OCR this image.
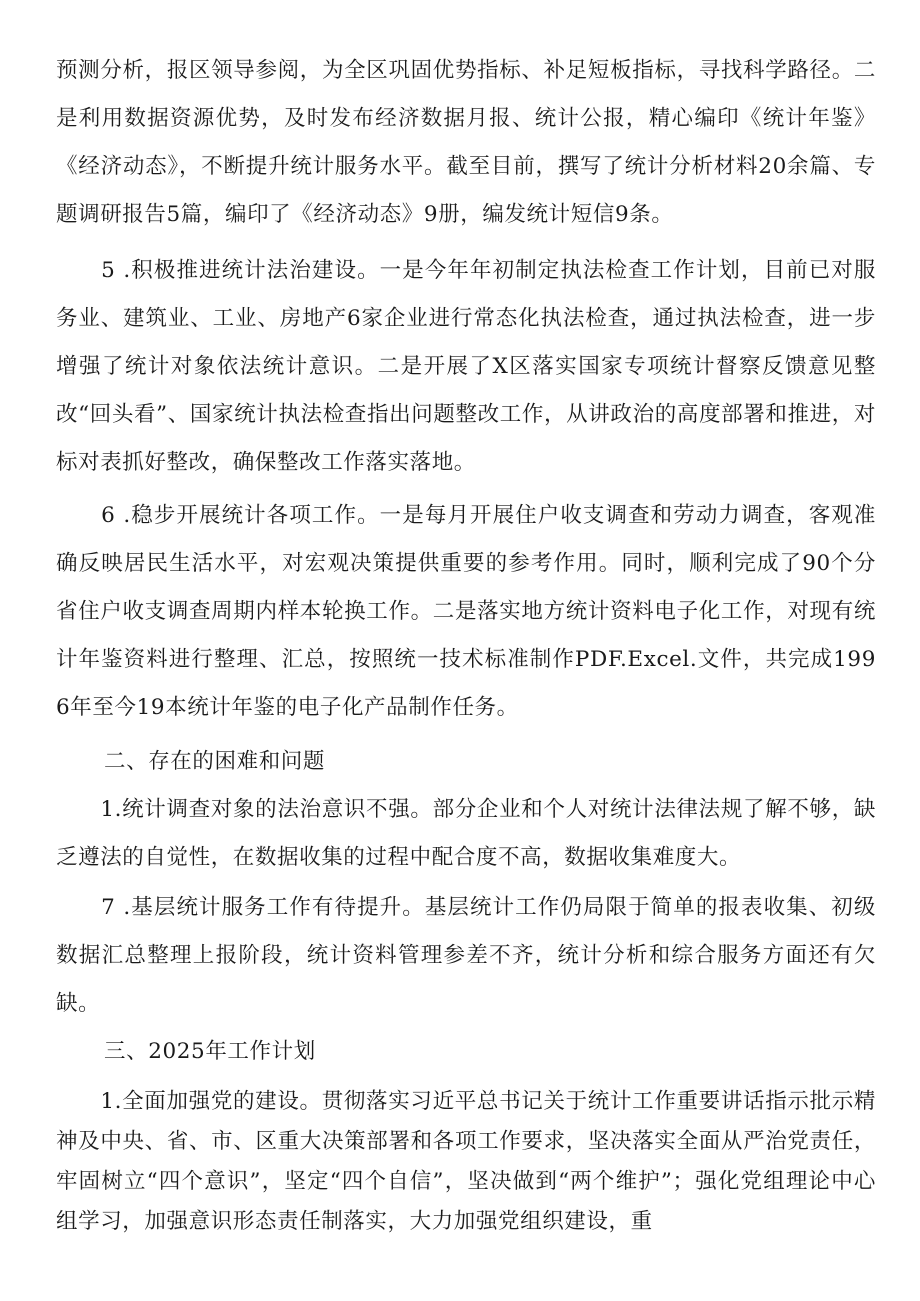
预测分析，报区领导参阅，为全区巩固优势指标、补足短板指标，寻找科学路径。二是利用数据资源优势，及时发布经济数据月报、统计公报，精心编印《统计年鉴》《经济动态》，不断提升统计服务水平。截至目前，撰写了统计分析材料20余篇、专题调研报告5篇，编印了《经济动态》9册，编发统计短信9条。

　　5 .积极推进统计法治建设。一是今年年初制定执法检查工作计划，目前已对服务业、建筑业、工业、房地产6家企业进行常态化执法检查，通过执法检查，进一步增强了统计对象依法统计意识。二是开展了X区落实国家专项统计督察反馈意见整改“回头看”、国家统计执法检查指出问题整改工作，从讲政治的高度部署和推进，对标对表抓好整改，确保整改工作落实落地。

　　6 .稳步开展统计各项工作。一是每月开展住户收支调查和劳动力调查，客观准确反映居民生活水平，对宏观决策提供重要的参考作用。同时，顺利完成了90个分省住户收支调查周期内样本轮换工作。二是落实地方统计资料电子化工作，对现有统计年鉴资料进行整理、汇总，按照统一技术标准制作PDF.Excel.文件，共完成1996年至今19本统计年鉴的电子化产品制作任务。

二、存在的困难和问题

　　1.统计调查对象的法治意识不强。部分企业和个人对统计法律法规了解不够，缺乏遵法的自觉性，在数据收集的过程中配合度不高，数据收集难度大。

　　7 .基层统计服务工作有待提升。基层统计工作仍局限于简单的报表收集、初级数据汇总整理上报阶段，统计资料管理参差不齐，统计分析和综合服务方面还有欠缺。

三、2025年工作计划

　　1.全面加强党的建设。贯彻落实习近平总书记关于统计工作重要讲话指示批示精神及中央、省、市、区重大决策部署和各项工作要求，坚决落实全面从严治党责任，牢固树立“四个意识”，坚定“四个自信”，坚决做到“两个维护”；强化党组理论中心组学习，加强意识形态责任制落实，大力加强党组织建设，重
